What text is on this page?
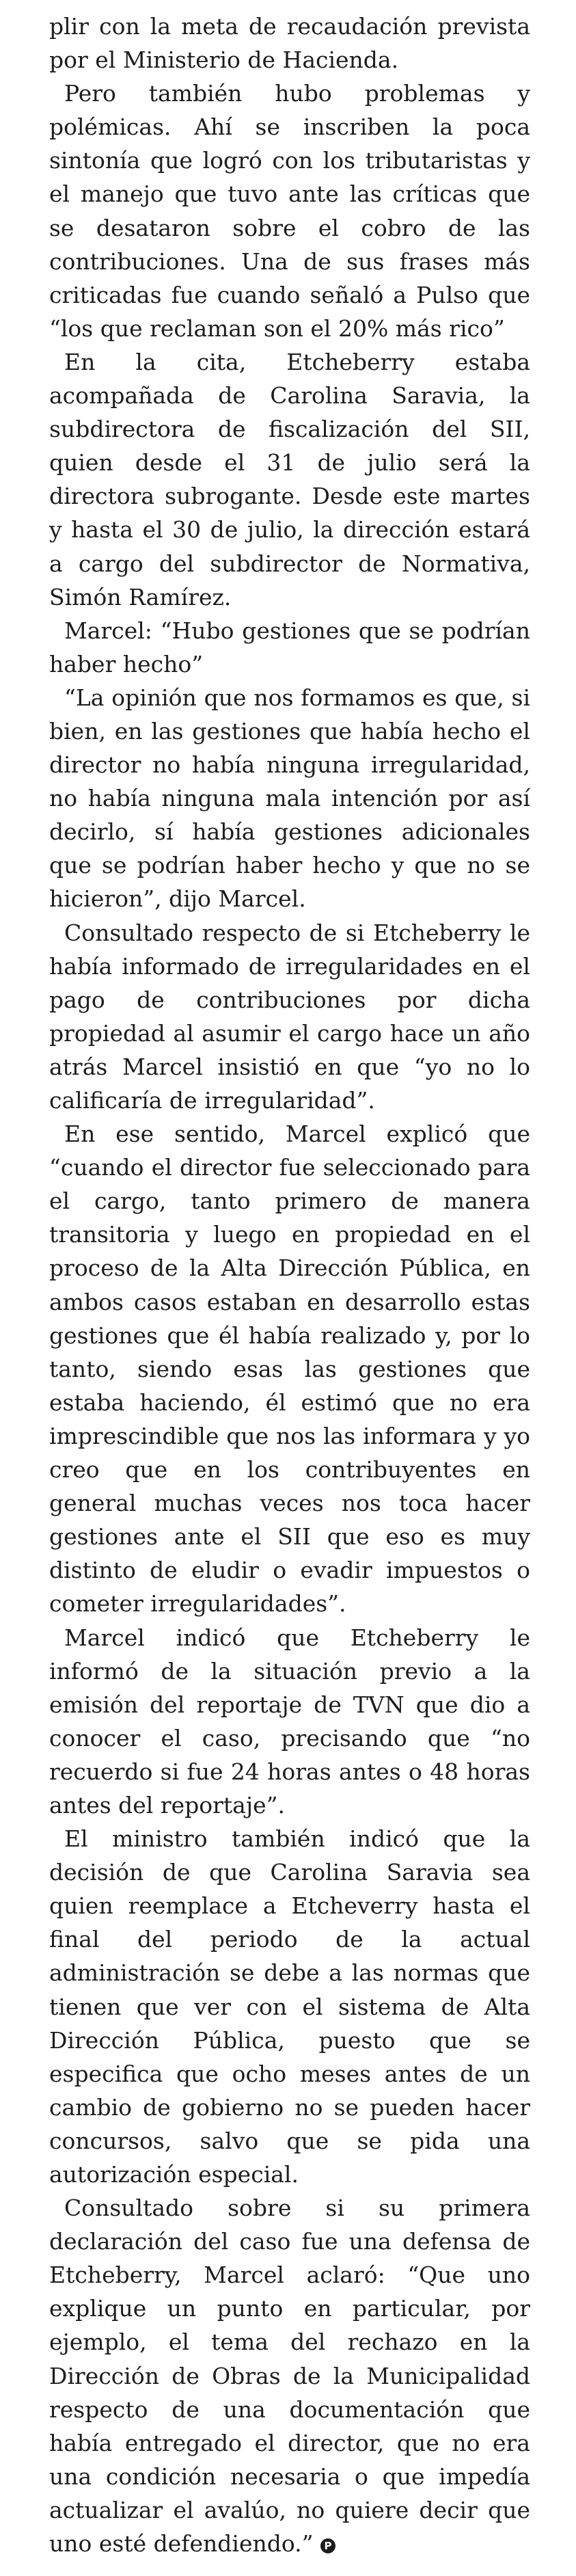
plir con la meta de recaudación prevista por el Ministerio de Hacienda.

Pero también hubo problemas y polémicas. Ahí se inscriben la poca sintonía que logró con los tributaristas y el manejo que tuvo ante las críticas que se desataron sobre el cobro de las contribuciones. Una de sus frases más criticadas fue cuando señaló a Pulso que “los que reclaman son el 20% más rico”

En la cita, Etcheberry estaba acompañada de Carolina Saravia, la subdirectora de fiscalización del SII, quien desde el 31 de julio será la directora subrogante. Desde este martes y hasta el 30 de julio, la dirección estará a cargo del subdirector de Normativa, Simón Ramírez.

Marcel: “Hubo gestiones que se podrían haber hecho”

“La opinión que nos formamos es que, si bien, en las gestiones que había hecho el director no había ninguna irregularidad, no había ninguna mala intención por así decirlo, sí había gestiones adicionales que se podrían haber hecho y que no se hicieron”, dijo Marcel.

Consultado respecto de si Etcheberry le había informado de irregularidades en el pago de contribuciones por dicha propiedad al asumir el cargo hace un año atrás Marcel insistió en que “yo no lo calificaría de irregularidad”.

En ese sentido, Marcel explicó que “cuando el director fue seleccionado para el cargo, tanto primero de manera transitoria y luego en propiedad en el proceso de la Alta Dirección Pública, en ambos casos estaban en desarrollo estas gestiones que él había realizado y, por lo tanto, siendo esas las gestiones que estaba haciendo, él estimó que no era imprescindible que nos las informara y yo creo que en los contribuyentes en general muchas veces nos toca hacer gestiones ante el SII que eso es muy distinto de eludir o evadir impuestos o cometer irregularidades”.

Marcel indicó que Etcheberry le informó de la situación previo a la emisión del reportaje de TVN que dio a conocer el caso, precisando que “no recuerdo si fue 24 horas antes o 48 horas antes del reportaje”.

El ministro también indicó que la decisión de que Carolina Saravia sea quien reemplace a Etcheverry hasta el final del periodo de la actual administración se debe a las normas que tienen que ver con el sistema de Alta Dirección Pública, puesto que se especifica que ocho meses antes de un cambio de gobierno no se pueden hacer concursos, salvo que se pida una autorización especial.

Consultado sobre si su primera declaración del caso fue una defensa de Etcheberry, Marcel aclaró: “Que uno explique un punto en particular, por ejemplo, el tema del rechazo en la Dirección de Obras de la Municipalidad respecto de una documentación que había entregado el director, que no era una condición necesaria o que impedía actualizar el avalúo, no quiere decir que uno esté defendiendo.” P
